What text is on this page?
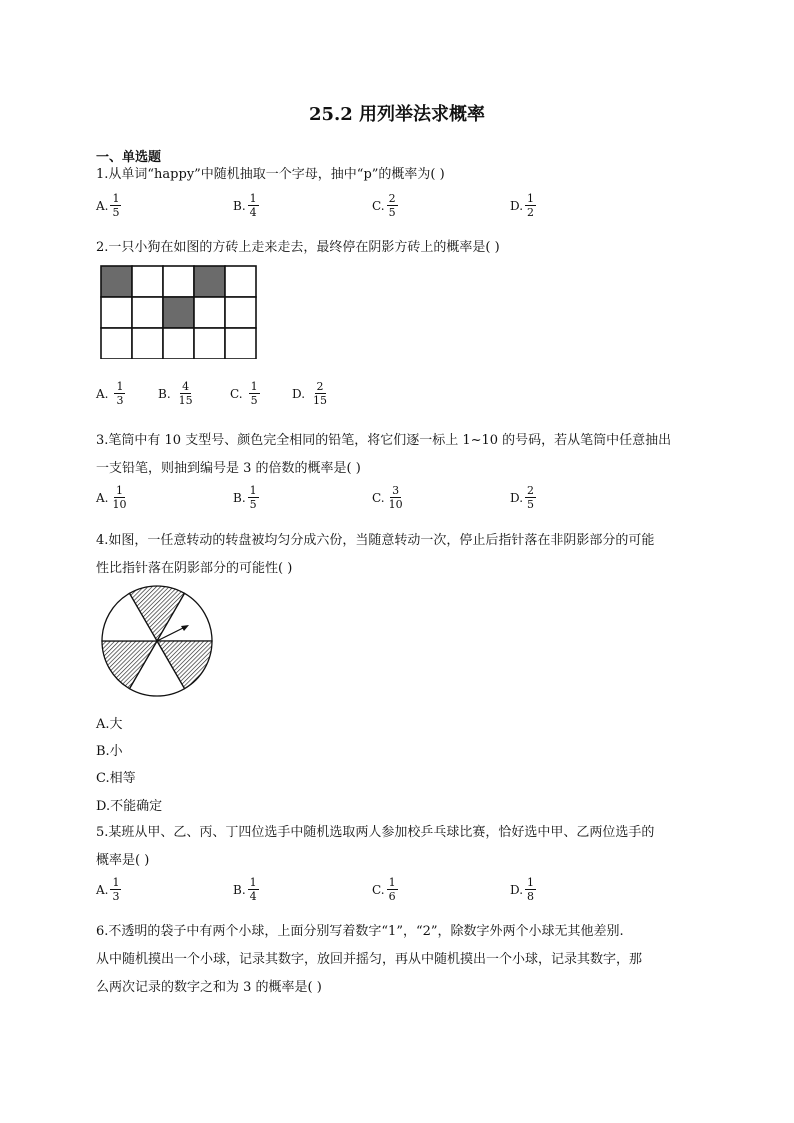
25.2 用列举法求概率
一、单选题
1.从单词“happy”中随机抽取一个字母，抽中“p”的概率为( )
A. $\frac{1}{5}$	B. $\frac{1}{4}$	C. $\frac{2}{5}$	D. $\frac{1}{2}$
2.一只小狗在如图的方砖上走来走去，最终停在阴影方砖上的概率是( )
A. $\frac{1}{3}$	B. $\frac{4}{15}$	C. $\frac{1}{5}$	D. $\frac{2}{15}$
3.笔筒中有 10 支型号、颜色完全相同的铅笔，将它们逐一标上 1~10 的号码，若从笔筒中任意抽出
一支铅笔，则抽到编号是 3 的倍数的概率是( )
A. $\frac{1}{10}$	B. $\frac{1}{5}$	C. $\frac{3}{10}$	D. $\frac{2}{5}$
4.如图，一任意转动的转盘被均匀分成六份，当随意转动一次，停止后指针落在非阴影部分的可能
性比指针落在阴影部分的可能性( )
A.大
B.小
C.相等
D.不能确定
5.某班从甲、乙、丙、丁四位选手中随机选取两人参加校乒乓球比赛，恰好选中甲、乙两位选手的
概率是( )
A. $\frac{1}{3}$	B. $\frac{1}{4}$	C. $\frac{1}{6}$	D. $\frac{1}{8}$
6.不透明的袋子中有两个小球，上面分别写着数字“1”，“2”，除数字外两个小球无其他差别.
从中随机摸出一个小球，记录其数字，放回并摇匀，再从中随机摸出一个小球，记录其数字，那
么两次记录的数字之和为 3 的概率是( )
